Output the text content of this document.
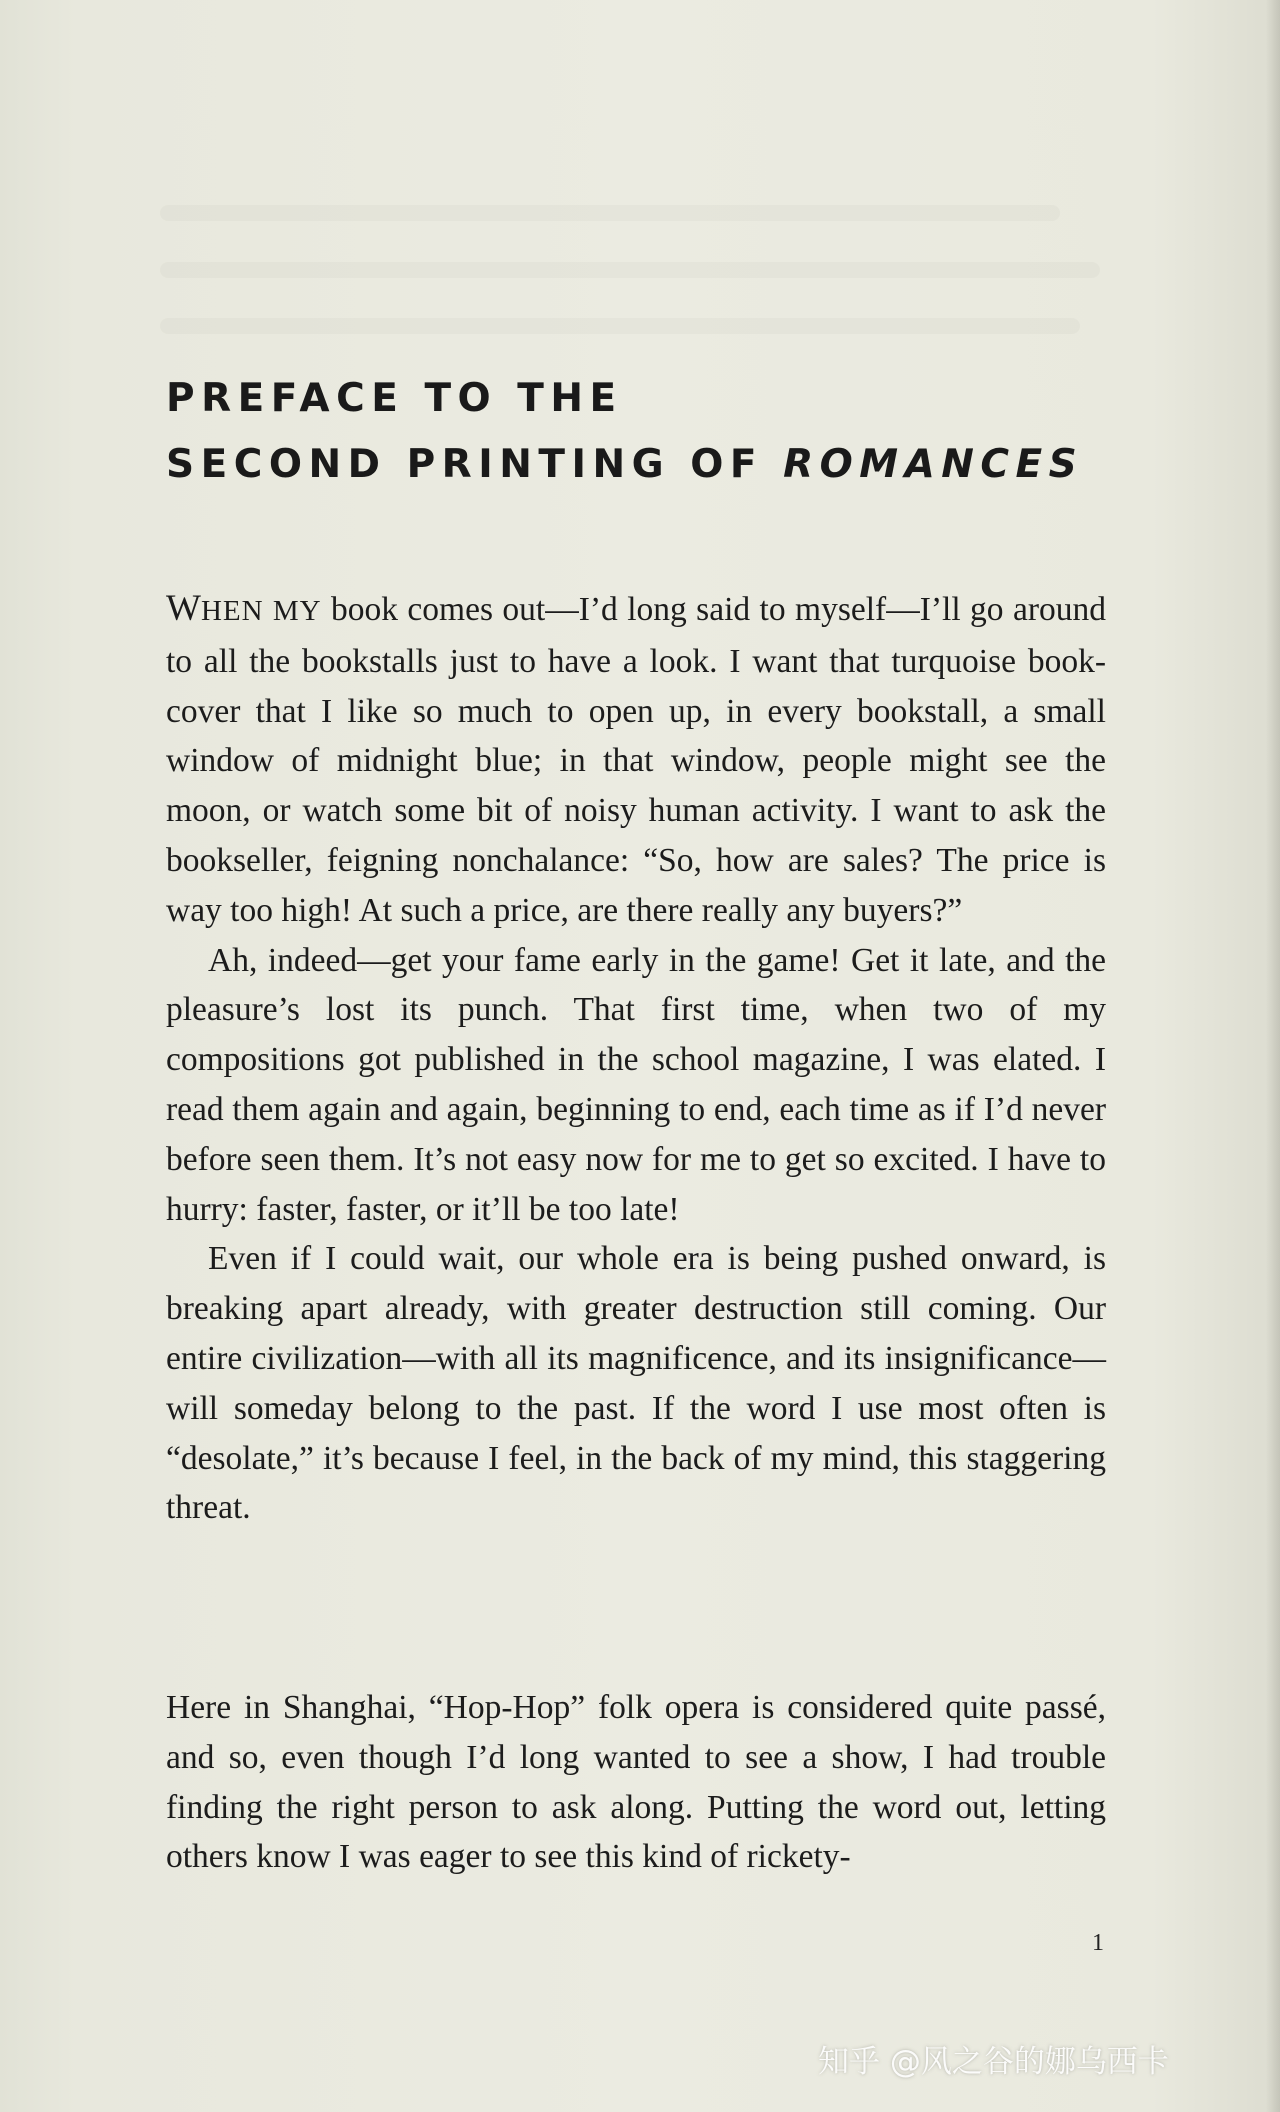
PREFACE TO THE
SECOND PRINTING OF ROMANCES

WHEN MY book comes out—I’d long said to myself—I’ll go around to all the bookstalls just to have a look. I want that turquoise book-cover that I like so much to open up, in every bookstall, a small window of midnight blue; in that window, people might see the moon, or watch some bit of noisy human activity. I want to ask the bookseller, feigning nonchalance: “So, how are sales? The price is way too high! At such a price, are there really any buyers?”

Ah, indeed—get your fame early in the game! Get it late, and the pleasure’s lost its punch. That first time, when two of my compositions got published in the school magazine, I was elated. I read them again and again, beginning to end, each time as if I’d never before seen them. It’s not easy now for me to get so excited. I have to hurry: faster, faster, or it’ll be too late!

Even if I could wait, our whole era is being pushed onward, is breaking apart already, with greater destruction still coming. Our entire civilization—with all its magnificence, and its insignificance—will someday belong to the past. If the word I use most often is “desolate,” it’s because I feel, in the back of my mind, this staggering threat.

Here in Shanghai, “Hop-Hop” folk opera is considered quite passé, and so, even though I’d long wanted to see a show, I had trouble finding the right person to ask along. Putting the word out, letting others know I was eager to see this kind of rickety-

1
知乎 @风之谷的娜乌西卡
